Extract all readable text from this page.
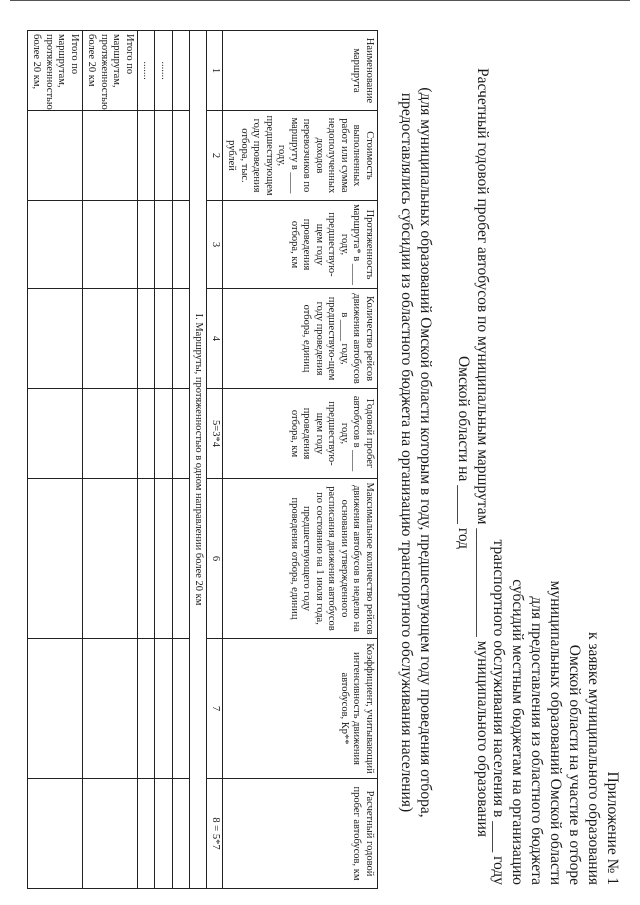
Приложение № 1
к заявке муниципального образования
Омской области на участие в отборе
муниципальных образований Омской области
для предоставления из областного бюджета
субсидий местным бюджетам на организацию
транспортного обслуживания населения в ____ году
Расчетный годовой пробег автобусов по муниципальным маршрутам ______________ муниципального образования
Омской области на _____ год
(для муниципальных образований Омской области которым в году, предшествующем году проведения отбора,
предоставлялись субсидии из областного бюджета на организацию транспортного обслуживания населения)
Наименование маршрута	Стоимость выполненных работ или сумма недополученных доходов перевозчиков по маршруту в ____ году, предшествующем году проведения отбора, тыс. рублей	Протяженность маршрута* в ____ году, предшествую-щем году проведения отбора, км	Количество рейсов движения автобусов в ____ году, предшествую-щем году проведения отбора, единиц	Годовой пробег автобусов в ____ году, предшествую-щем году проведения отбора, км	Максимальное количество рейсов движения автобусов в неделю на основании утвержденного расписания движения автобусов по состоянию на 1 июля года, предшествующего году проведения отбора, единиц	Коэффициент, учитывающий интенсивность движения автобусов, Кр**	Расчетный годовой пробег автобусов, км
1	2	3	4	5=3*4	6	7	8 = 5*7
I. Маршруты, протяженностью в одном направлении более 20 км							

.......							
.......							
Итого по маршрутам, протяженностью более 20 км							
Итого по маршрутам, протяженностью более 20 км,							
